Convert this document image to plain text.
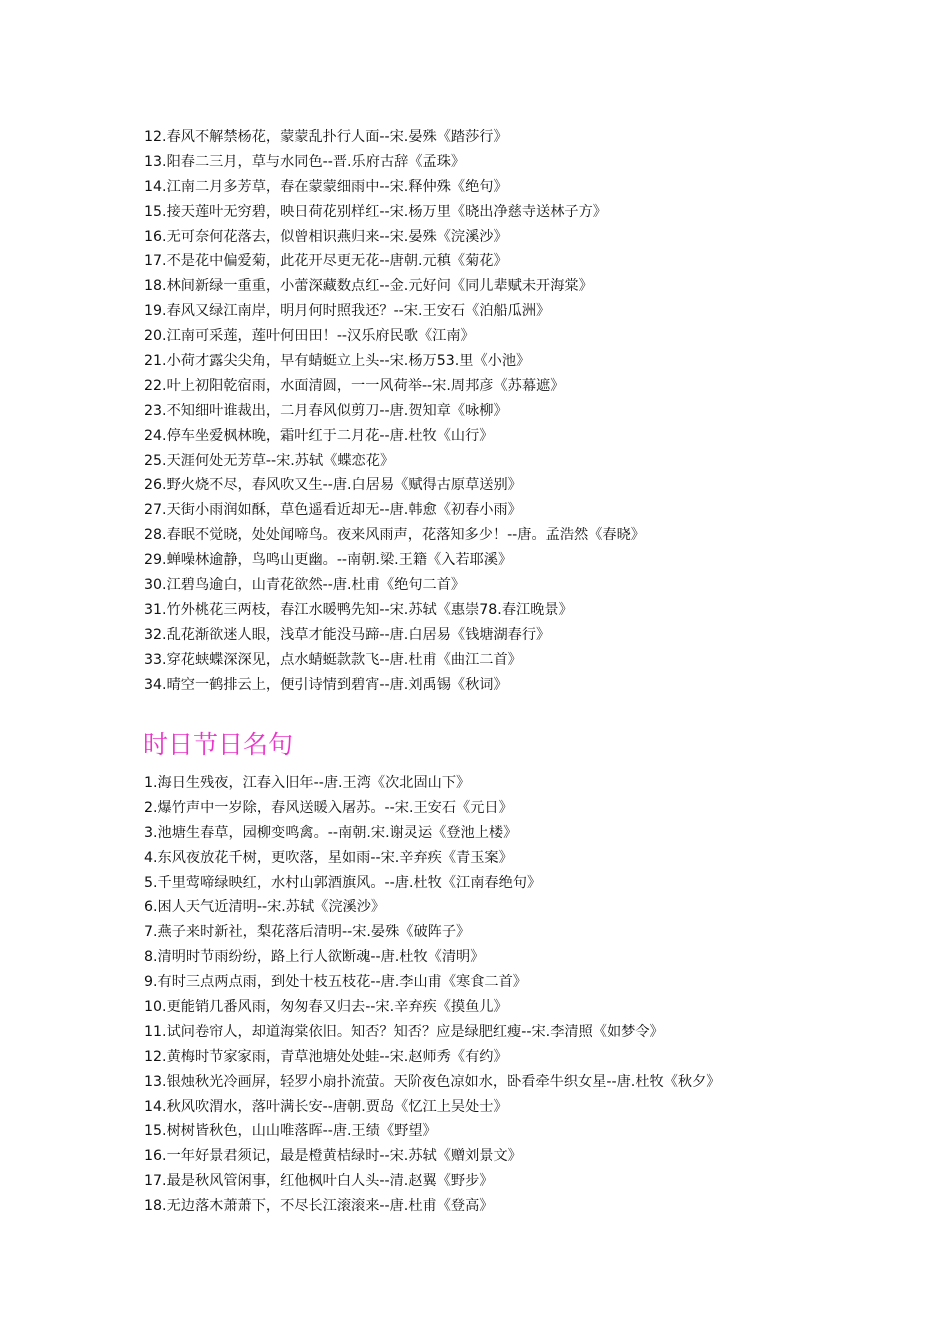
12.春风不解禁杨花，蒙蒙乱扑行人面--宋.晏殊《踏莎行》
13.阳春二三月，草与水同色--晋.乐府古辞《孟珠》
14.江南二月多芳草，春在蒙蒙细雨中--宋.释仲殊《绝句》
15.接天莲叶无穷碧，映日荷花别样红--宋.杨万里《晓出净慈寺送林子方》
16.无可奈何花落去，似曾相识燕归来--宋.晏殊《浣溪沙》
17.不是花中偏爱菊，此花开尽更无花--唐朝.元稹《菊花》
18.林间新绿一重重，小蕾深藏数点红--金.元好问《同儿辈赋未开海棠》
19.春风又绿江南岸，明月何时照我还？--宋.王安石《泊船瓜洲》
20.江南可采莲，莲叶何田田！--汉乐府民歌《江南》
21.小荷才露尖尖角，早有蜻蜓立上头--宋.杨万53.里《小池》
22.叶上初阳乾宿雨，水面清圆，一一风荷举--宋.周邦彦《苏幕遮》
23.不知细叶谁裁出，二月春风似剪刀--唐.贺知章《咏柳》
24.停车坐爱枫林晚，霜叶红于二月花--唐.杜牧《山行》
25.天涯何处无芳草--宋.苏轼《蝶恋花》
26.野火烧不尽，春风吹又生--唐.白居易《赋得古原草送别》
27.天街小雨润如酥，草色遥看近却无--唐.韩愈《初春小雨》
28.春眠不觉晓，处处闻啼鸟。夜来风雨声，花落知多少！--唐。孟浩然《春晓》
29.蝉噪林逾静，鸟鸣山更幽。--南朝.梁.王籍《入若耶溪》
30.江碧鸟逾白，山青花欲然--唐.杜甫《绝句二首》
31.竹外桃花三两枝，春江水暖鸭先知--宋.苏轼《惠崇78.春江晚景》
32.乱花渐欲迷人眼，浅草才能没马蹄--唐.白居易《钱塘湖春行》
33.穿花蛱蝶深深见，点水蜻蜓款款飞--唐.杜甫《曲江二首》
34.晴空一鹤排云上，便引诗情到碧宵--唐.刘禹锡《秋词》
时日节日名句
1.海日生残夜，江春入旧年--唐.王湾《次北固山下》
2.爆竹声中一岁除，春风送暖入屠苏。--宋.王安石《元日》
3.池塘生春草，园柳变鸣禽。--南朝.宋.谢灵运《登池上楼》
4.东风夜放花千树，更吹落，星如雨--宋.辛弃疾《青玉案》
5.千里莺啼绿映红，水村山郭酒旗风。--唐.杜牧《江南春绝句》
6.困人天气近清明--宋.苏轼《浣溪沙》
7.燕子来时新社，梨花落后清明--宋.晏殊《破阵子》
8.清明时节雨纷纷，路上行人欲断魂--唐.杜牧《清明》
9.有时三点两点雨，到处十枝五枝花--唐.李山甫《寒食二首》
10.更能销几番风雨，匆匆春又归去--宋.辛弃疾《摸鱼儿》
11.试问卷帘人，却道海棠依旧。知否？知否？应是绿肥红瘦--宋.李清照《如梦令》
12.黄梅时节家家雨，青草池塘处处蛙--宋.赵师秀《有约》
13.银烛秋光冷画屏，轻罗小扇扑流萤。天阶夜色凉如水，卧看牵牛织女星--唐.杜牧《秋夕》
14.秋风吹渭水，落叶满长安--唐朝.贾岛《忆江上吴处士》
15.树树皆秋色，山山唯落晖--唐.王绩《野望》
16.一年好景君须记，最是橙黄桔绿时--宋.苏轼《赠刘景文》
17.最是秋风管闲事，红他枫叶白人头--清.赵翼《野步》
18.无边落木萧萧下，不尽长江滚滚来--唐.杜甫《登高》
